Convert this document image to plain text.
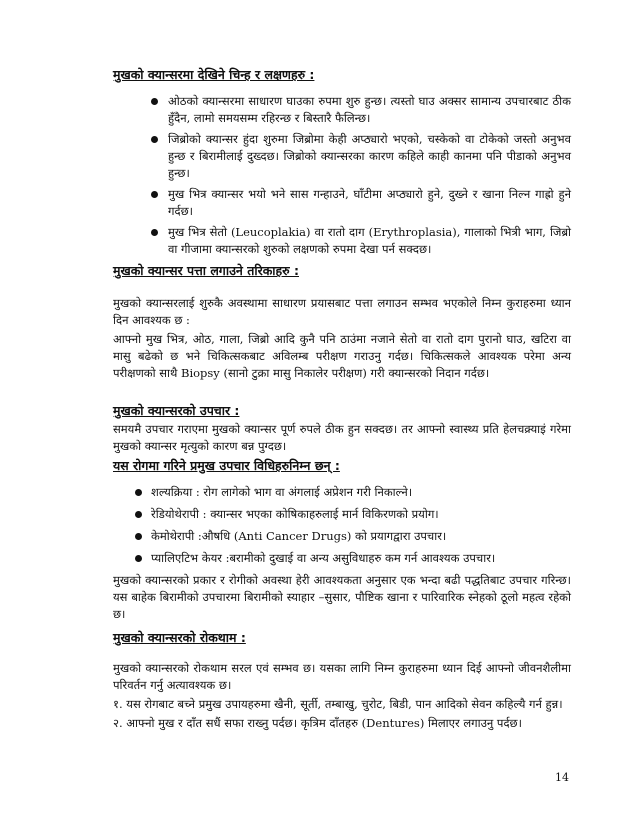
मुखको क्यान्सरमा देखिने चिन्ह र लक्षणहरु :
ओठको क्यान्सरमा साधारण घाउका रुपमा शुरु हुन्छ। त्यस्तो घाउ अक्सर सामान्य उपचारबाट ठीक हुँदैन, लामो समयसम्म रहिरन्छ र बिस्तारै फैलिन्छ।
जिब्रोको क्यान्सर हुंदा शुरुमा जिब्रोमा केही अप्ठ्यारो भएको, चस्केको वा टोकेको जस्तो अनुभव हुन्छ र बिरामीलाई दुख्दछ। जिब्रोको क्यान्सरका कारण कहिले काही कानमा पनि पीडाको अनुभव हुन्छ।
मुख भित्र क्यान्सर भयो भने सास गन्हाउने, घाँटीमा अप्ठ्यारो हुने, दुख्ने र खाना निल्न गाह्रो हुने गर्दछ।
मुख भित्र सेतो (Leucoplakia) वा रातो दाग (Erythroplasia), गालाको भित्री भाग, जिब्रो वा गीजामा क्यान्सरको शुरुको लक्षणको रुपमा देखा पर्न सक्दछ।
मुखको क्यान्सर पत्ता लगाउने तरिकाहरु :

मुखको क्यान्सरलाई शुरुकै अवस्थामा साधारण प्रयासबाट पत्ता लगाउन सम्भव भएकोले निम्न कुराहरुमा ध्यान दिन आवश्यक छ :

आफ्नो मुख भित्र, ओठ, गाला, जिब्रो आदि कुनै पनि ठाउंमा नजाने सेतो वा रातो दाग पुरानो घाउ, खटिरा वा मासु बढेको छ भने चिकित्सकबाट अविलम्ब परीक्षण गराउनु गर्दछ। चिकित्सकले आवश्यक परेमा अन्य परीक्षणको साथै Biopsy (सानो टुक्रा मासु निकालेर परीक्षण) गरी क्यान्सरको निदान गर्दछ।

मुखको क्यान्सरको उपचार :

समयमै उपचार गराएमा मुखको क्यान्सर पूर्ण रुपले ठीक हुन सक्दछ। तर आफ्नो स्वास्थ्य प्रति हेलचक्र्याइं गरेमा मुखको क्यान्सर मृत्युको कारण बन्न पुग्दछ।

यस रोगमा गरिने प्रमुख उपचार विधिहरुनिम्न छन् :
शल्यक्रिया : रोग लागेको भाग वा अंगलाई अप्रेशन गरी निकाल्ने।
रेडियोथेरापी : क्यान्सर भएका कोषिकाहरुलाई मार्न विकिरणको प्रयोग।
केमोथेरापी :औषधि (Anti Cancer Drugs) को प्रयागद्वारा उपचार।
प्यालिएटिभ केयर :बरामीको दुखाई वा अन्य असुविधाहरु कम गर्न आवश्यक उपचार।

मुखको क्यान्सरको प्रकार र रोगीको अवस्था हेरी आवश्यकता अनुसार एक भन्दा बढी पद्धतिबाट उपचार गरिन्छ। यस बाहेक बिरामीको उपचारमा बिरामीको स्याहार –सुसार, पौष्टिक खाना र पारिवारिक स्नेहको ठूलो महत्व रहेको छ।

मुखको क्यान्सरको रोकथाम :

मुखको क्यान्सरको रोकथाम सरल एवं सम्भव छ। यसका लागि निम्न कुराहरुमा ध्यान दिई आफ्नो जीवनशैलीमा परिवर्तन गर्नु अत्यावश्यक छ।

१. यस रोगबाट बच्ने प्रमुख उपायहरुमा खैनी, सूर्ती, तम्बाखु, चुरोट, बिडी, पान आदिको सेवन कहिल्यै गर्न हुन्न।

२. आफ्नो मुख र दाँत सधैं सफा राख्नु पर्दछ। कृत्रिम दाँतहरु (Dentures) मिलाएर लगाउनु पर्दछ।

14
